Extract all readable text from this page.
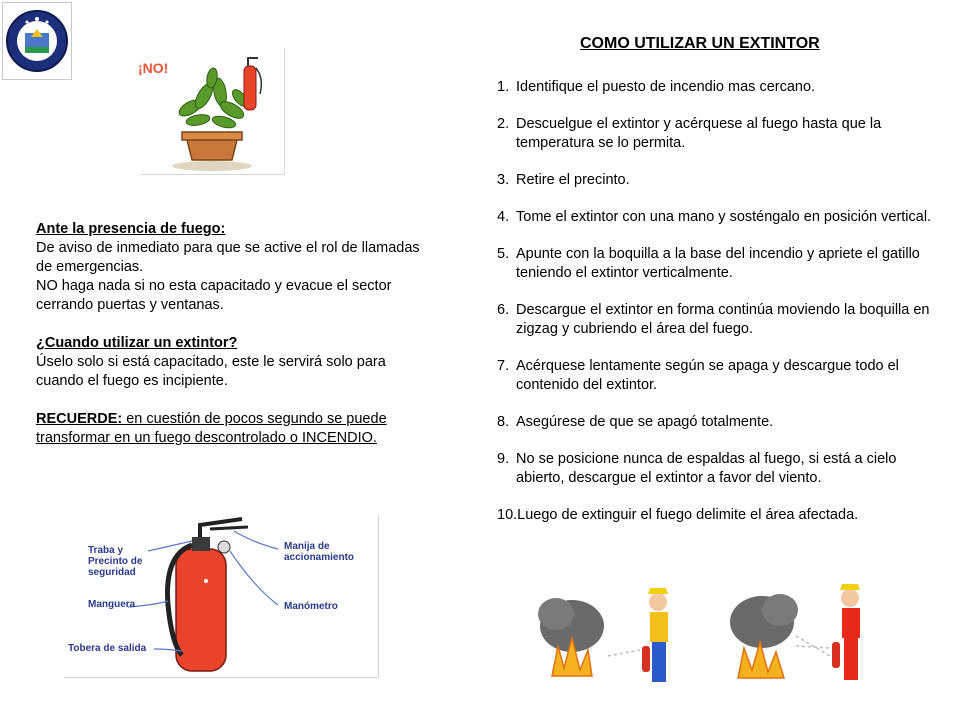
¡NO!

Ante la presencia de fuego:

De aviso de inmediato para que se active el rol de llamadas de emergencias.

NO haga nada si no esta capacitado y evacue el sector cerrando puertas y ventanas.

¿Cuando utilizar un extintor?

Úselo solo si está capacitado, este le servirá solo para cuando el fuego es incipiente.

RECUERDE: en cuestión de pocos segundo se puede transformar en un fuego descontrolado o INCENDIO.

COMO UTILIZAR UN EXTINTOR
1. Identifique el puesto de incendio mas cercano.
2. Descuelgue el extintor y acérquese al fuego hasta que la temperatura se lo permita.
3. Retire el precinto.
4. Tome el extintor con una mano y sosténgalo en posición vertical.
5. Apunte con la boquilla a la base del incendio y apriete el gatillo teniendo el extintor verticalmente.
6. Descargue el extintor en forma continúa moviendo la boquilla en zigzag y cubriendo el área del fuego.
7. Acérquese lentamente según se apaga y descargue todo el contenido del extintor.
8. Asegúrese de que se apagó totalmente.
9. No se posicione nunca de espaldas al fuego, si está a cielo abierto, descargue el extintor a favor del viento.
10.Luego de extinguir el fuego delimite el área afectada.
Traba y Precinto de seguridad
Manguera
Tobera de salida
Manija de accionamiento
Manómetro
